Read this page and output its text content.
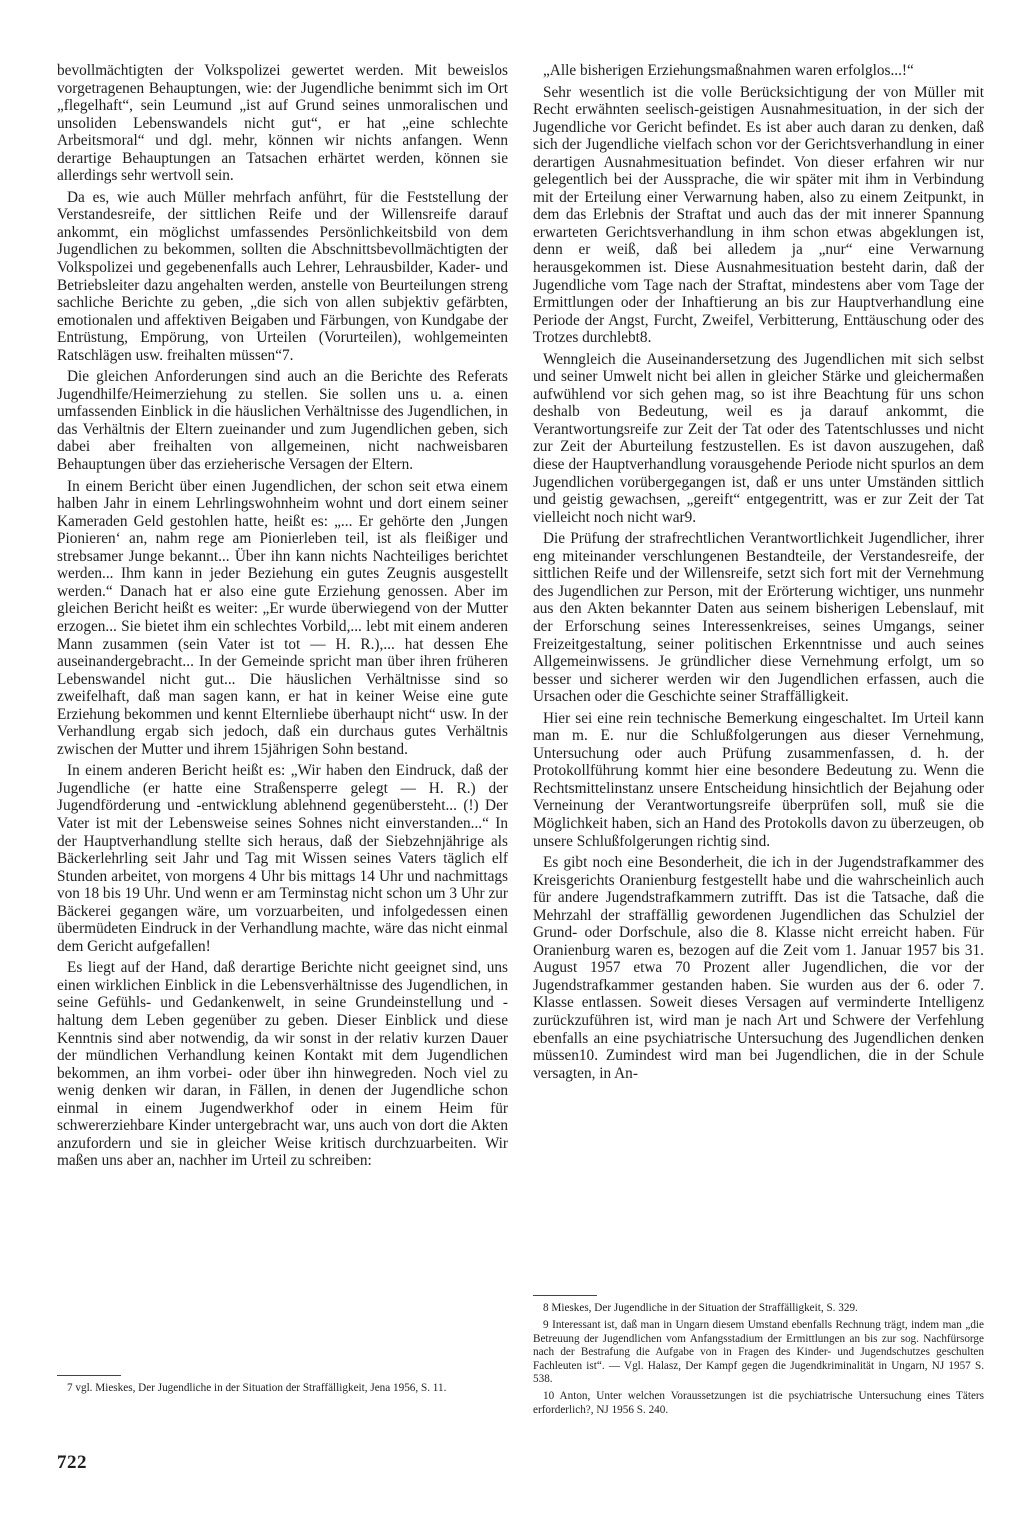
bevollmächtigten der Volkspolizei gewertet werden. Mit beweislos vorgetragenen Behauptungen, wie: der Jugendliche benimmt sich im Ort „flegelhaft“, sein Leumund „ist auf Grund seines unmoralischen und unsoliden Lebenswandels nicht gut“, er hat „eine schlechte Arbeitsmoral“ und dgl. mehr, können wir nichts anfangen. Wenn derartige Behauptungen an Tatsachen erhärtet werden, können sie allerdings sehr wertvoll sein.

Da es, wie auch Müller mehrfach anführt, für die Feststellung der Verstandesreife, der sittlichen Reife und der Willensreife darauf ankommt, ein möglichst umfassendes Persönlichkeitsbild von dem Jugendlichen zu bekommen, sollten die Abschnittsbevollmächtigten der Volkspolizei und gegebenenfalls auch Lehrer, Lehrausbilder, Kader- und Betriebsleiter dazu angehalten werden, anstelle von Beurteilungen streng sachliche Berichte zu geben, „die sich von allen subjektiv gefärbten, emotionalen und affektiven Beigaben und Färbungen, von Kundgabe der Entrüstung, Empörung, von Urteilen (Vorurteilen), wohlgemeinten Ratschlägen usw. freihalten müssen“7.

Die gleichen Anforderungen sind auch an die Berichte des Referats Jugendhilfe/Heimerziehung zu stellen. Sie sollen uns u. a. einen umfassenden Einblick in die häuslichen Verhältnisse des Jugendlichen, in das Verhältnis der Eltern zueinander und zum Jugendlichen geben, sich dabei aber freihalten von allgemeinen, nicht nachweisbaren Behauptungen über das erzieherische Versagen der Eltern.

In einem Bericht über einen Jugendlichen, der schon seit etwa einem halben Jahr in einem Lehrlingswohnheim wohnt und dort einem seiner Kameraden Geld gestohlen hatte, heißt es: „... Er gehörte den ‚Jungen Pionieren‘ an, nahm rege am Pionierleben teil, ist als fleißiger und strebsamer Junge bekannt... Über ihn kann nichts Nachteiliges berichtet werden... Ihm kann in jeder Beziehung ein gutes Zeugnis ausgestellt werden.“ Danach hat er also eine gute Erziehung genossen. Aber im gleichen Bericht heißt es weiter: „Er wurde überwiegend von der Mutter erzogen... Sie bietet ihm ein schlechtes Vorbild,... lebt mit einem anderen Mann zusammen (sein Vater ist tot — H. R.),... hat dessen Ehe auseinandergebracht... In der Gemeinde spricht man über ihren früheren Lebenswandel nicht gut... Die häuslichen Verhältnisse sind so zweifelhaft, daß man sagen kann, er hat in keiner Weise eine gute Erziehung bekommen und kennt Elternliebe überhaupt nicht“ usw. In der Verhandlung ergab sich jedoch, daß ein durchaus gutes Verhältnis zwischen der Mutter und ihrem 15jährigen Sohn bestand.

In einem anderen Bericht heißt es: „Wir haben den Eindruck, daß der Jugendliche (er hatte eine Straßensperre gelegt — H. R.) der Jugendförderung und -entwicklung ablehnend gegenübersteht... (!) Der Vater ist mit der Lebensweise seines Sohnes nicht einverstanden...“ In der Hauptverhandlung stellte sich heraus, daß der Siebzehnjährige als Bäckerlehrling seit Jahr und Tag mit Wissen seines Vaters täglich elf Stunden arbeitet, von morgens 4 Uhr bis mittags 14 Uhr und nachmittags von 18 bis 19 Uhr. Und wenn er am Terminstag nicht schon um 3 Uhr zur Bäckerei gegangen wäre, um vorzuarbeiten, und infolgedessen einen übermüdeten Eindruck in der Verhandlung machte, wäre das nicht einmal dem Gericht aufgefallen!

Es liegt auf der Hand, daß derartige Berichte nicht geeignet sind, uns einen wirklichen Einblick in die Lebensverhältnisse des Jugendlichen, in seine Gefühls- und Gedankenwelt, in seine Grundeinstellung und -haltung dem Leben gegenüber zu geben. Dieser Einblick und diese Kenntnis sind aber notwendig, da wir sonst in der relativ kurzen Dauer der mündlichen Verhandlung keinen Kontakt mit dem Jugendlichen bekommen, an ihm vorbei- oder über ihn hinwegreden. Noch viel zu wenig denken wir daran, in Fällen, in denen der Jugendliche schon einmal in einem Jugendwerkhof oder in einem Heim für schwererziehbare Kinder untergebracht war, uns auch von dort die Akten anzufordern und sie in gleicher Weise kritisch durchzuarbeiten. Wir maßen uns aber an, nachher im Urteil zu schreiben:

7 vgl. Mieskes, Der Jugendliche in der Situation der Straffälligkeit, Jena 1956, S. 11.

„Alle bisherigen Erziehungsmaßnahmen waren erfolglos...!“

Sehr wesentlich ist die volle Berücksichtigung der von Müller mit Recht erwähnten seelisch-geistigen Ausnahmesituation, in der sich der Jugendliche vor Gericht befindet. Es ist aber auch daran zu denken, daß sich der Jugendliche vielfach schon vor der Gerichtsverhandlung in einer derartigen Ausnahmesituation befindet. Von dieser erfahren wir nur gelegentlich bei der Aussprache, die wir später mit ihm in Verbindung mit der Erteilung einer Verwarnung haben, also zu einem Zeitpunkt, in dem das Erlebnis der Straftat und auch das der mit innerer Spannung erwarteten Gerichtsverhandlung in ihm schon etwas abgeklungen ist, denn er weiß, daß bei alledem ja „nur“ eine Verwarnung herausgekommen ist. Diese Ausnahmesituation besteht darin, daß der Jugendliche vom Tage nach der Straftat, mindestens aber vom Tage der Ermittlungen oder der Inhaftierung an bis zur Hauptverhandlung eine Periode der Angst, Furcht, Zweifel, Verbitterung, Enttäuschung oder des Trotzes durchlebt8.

Wenngleich die Auseinandersetzung des Jugendlichen mit sich selbst und seiner Umwelt nicht bei allen in gleicher Stärke und gleichermaßen aufwühlend vor sich gehen mag, so ist ihre Beachtung für uns schon deshalb von Bedeutung, weil es ja darauf ankommt, die Verantwortungsreife zur Zeit der Tat oder des Tatentschlusses und nicht zur Zeit der Aburteilung festzustellen. Es ist davon auszugehen, daß diese der Hauptverhandlung vorausgehende Periode nicht spurlos an dem Jugendlichen vorübergegangen ist, daß er uns unter Umständen sittlich und geistig gewachsen, „gereift“ entgegentritt, was er zur Zeit der Tat vielleicht noch nicht war9.

Die Prüfung der strafrechtlichen Verantwortlichkeit Jugendlicher, ihrer eng miteinander verschlungenen Bestandteile, der Verstandesreife, der sittlichen Reife und der Willensreife, setzt sich fort mit der Vernehmung des Jugendlichen zur Person, mit der Erörterung wichtiger, uns nunmehr aus den Akten bekannter Daten aus seinem bisherigen Lebenslauf, mit der Erforschung seines Interessenkreises, seines Umgangs, seiner Freizeitgestaltung, seiner politischen Erkenntnisse und auch seines Allgemeinwissens. Je gründlicher diese Vernehmung erfolgt, um so besser und sicherer werden wir den Jugendlichen erfassen, auch die Ursachen oder die Geschichte seiner Straffälligkeit.

Hier sei eine rein technische Bemerkung eingeschaltet. Im Urteil kann man m. E. nur die Schlußfolgerungen aus dieser Vernehmung, Untersuchung oder auch Prüfung zusammenfassen, d. h. der Protokollführung kommt hier eine besondere Bedeutung zu. Wenn die Rechtsmittelinstanz unsere Entscheidung hinsichtlich der Bejahung oder Verneinung der Verantwortungsreife überprüfen soll, muß sie die Möglichkeit haben, sich an Hand des Protokolls davon zu überzeugen, ob unsere Schlußfolgerungen richtig sind.

Es gibt noch eine Besonderheit, die ich in der Jugendstrafkammer des Kreisgerichts Oranienburg festgestellt habe und die wahrscheinlich auch für andere Jugendstrafkammern zutrifft. Das ist die Tatsache, daß die Mehrzahl der straffällig gewordenen Jugendlichen das Schulziel der Grund- oder Dorfschule, also die 8. Klasse nicht erreicht haben. Für Oranienburg waren es, bezogen auf die Zeit vom 1. Januar 1957 bis 31. August 1957 etwa 70 Prozent aller Jugendlichen, die vor der Jugendstrafkammer gestanden haben. Sie wurden aus der 6. oder 7. Klasse entlassen. Soweit dieses Versagen auf verminderte Intelligenz zurückzuführen ist, wird man je nach Art und Schwere der Verfehlung ebenfalls an eine psychiatrische Untersuchung des Jugendlichen denken müssen10. Zumindest wird man bei Jugendlichen, die in der Schule versagten, in An-

8 Mieskes, Der Jugendliche in der Situation der Straffälligkeit, S. 329.

9 Interessant ist, daß man in Ungarn diesem Umstand ebenfalls Rechnung trägt, indem man „die Betreuung der Jugendlichen vom Anfangsstadium der Ermittlungen an bis zur sog. Nachfürsorge nach der Bestrafung die Aufgabe von in Fragen des Kinder- und Jugendschutzes geschulten Fachleuten ist“. — Vgl. Halasz, Der Kampf gegen die Jugendkriminalität in Ungarn, NJ 1957 S. 538.

10 Anton, Unter welchen Voraussetzungen ist die psychiatrische Untersuchung eines Täters erforderlich?, NJ 1956 S. 240.

722
